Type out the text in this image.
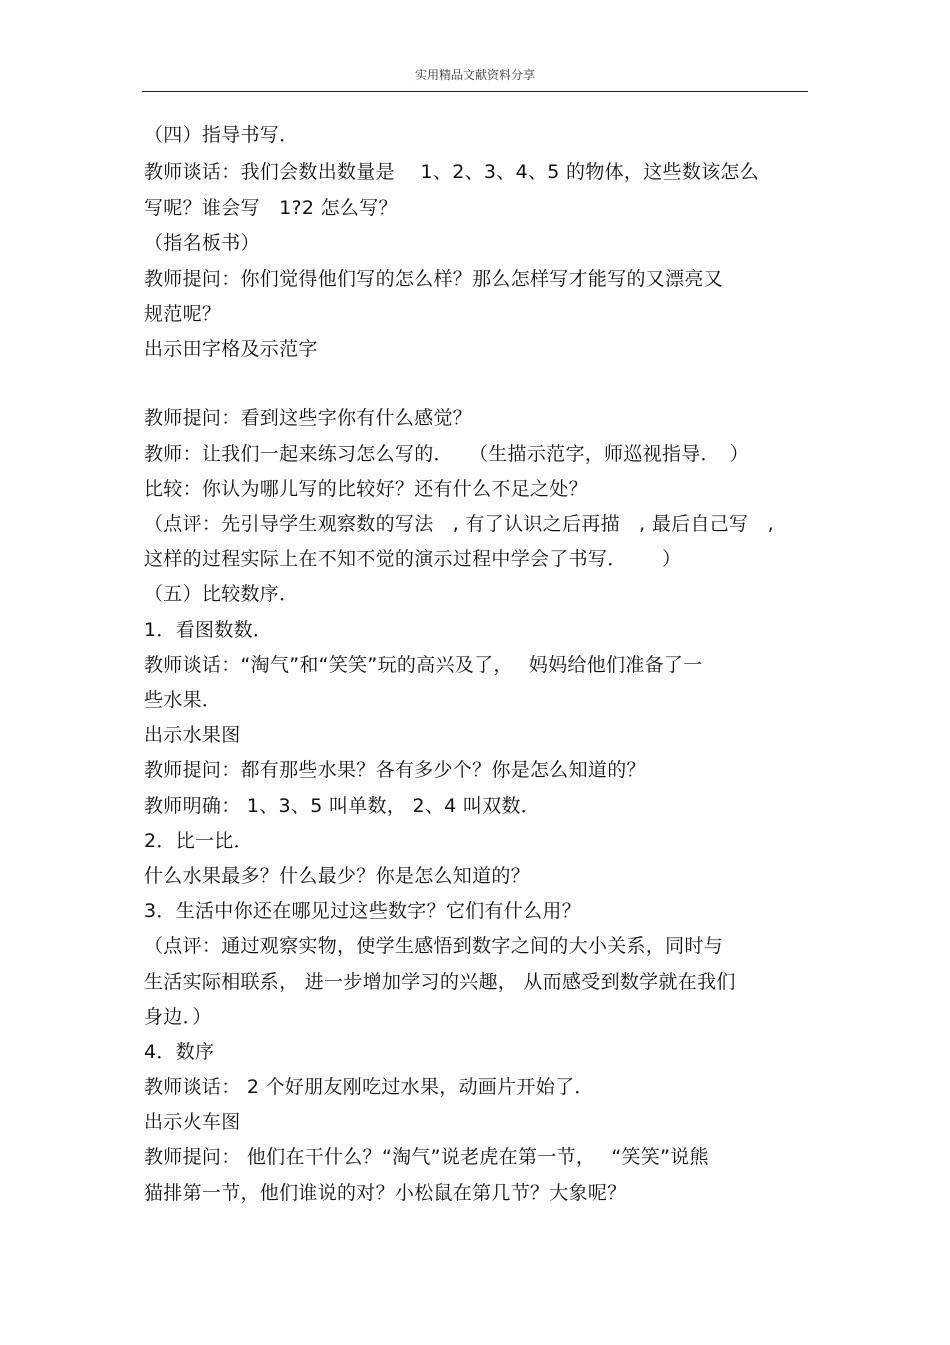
实用精品文献资料分享
（四）指导书写．
教师谈话：我们会数出数量是　 1、2、3、4、5 的物体，这些数该怎么
写呢？谁会写　1?2 怎么写？
（指名板书）
教师提问：你们觉得他们写的怎么样？那么怎样写才能写的又漂亮又
规范呢？
出示田字格及示范字
教师提问：看到这些字你有什么感觉？
教师：让我们一起来练习怎么写的．　 （生描示范字，师巡视指导．　）
比较：你认为哪儿写的比较好？还有什么不足之处？
（点评：先引导学生观察数的写法　, 有了认识之后再描　, 最后自己写　,
这样的过程实际上在不知不觉的演示过程中学会了书写．　　 ）
（五）比较数序．
1．看图数数．
教师谈话：“淘气”和“笑笑”玩的高兴及了，　 妈妈给他们准备了一
些水果．
出示水果图
教师提问：都有那些水果？各有多少个？你是怎么知道的？
教师明确： 1、3、5 叫单数， 2、4 叫双数．
2．比一比．
什么水果最多？什么最少？你是怎么知道的？
3．生活中你还在哪见过这些数字？它们有什么用？
（点评：通过观察实物，使学生感悟到数字之间的大小关系，同时与
生活实际相联系， 进一步增加学习的兴趣， 从而感受到数学就在我们
身边．）
4．数序
教师谈话： 2 个好朋友刚吃过水果，动画片开始了．
出示火车图
教师提问： 他们在干什么？“淘气”说老虎在第一节，　 “笑笑”说熊
猫排第一节，他们谁说的对？小松鼠在第几节？大象呢？
